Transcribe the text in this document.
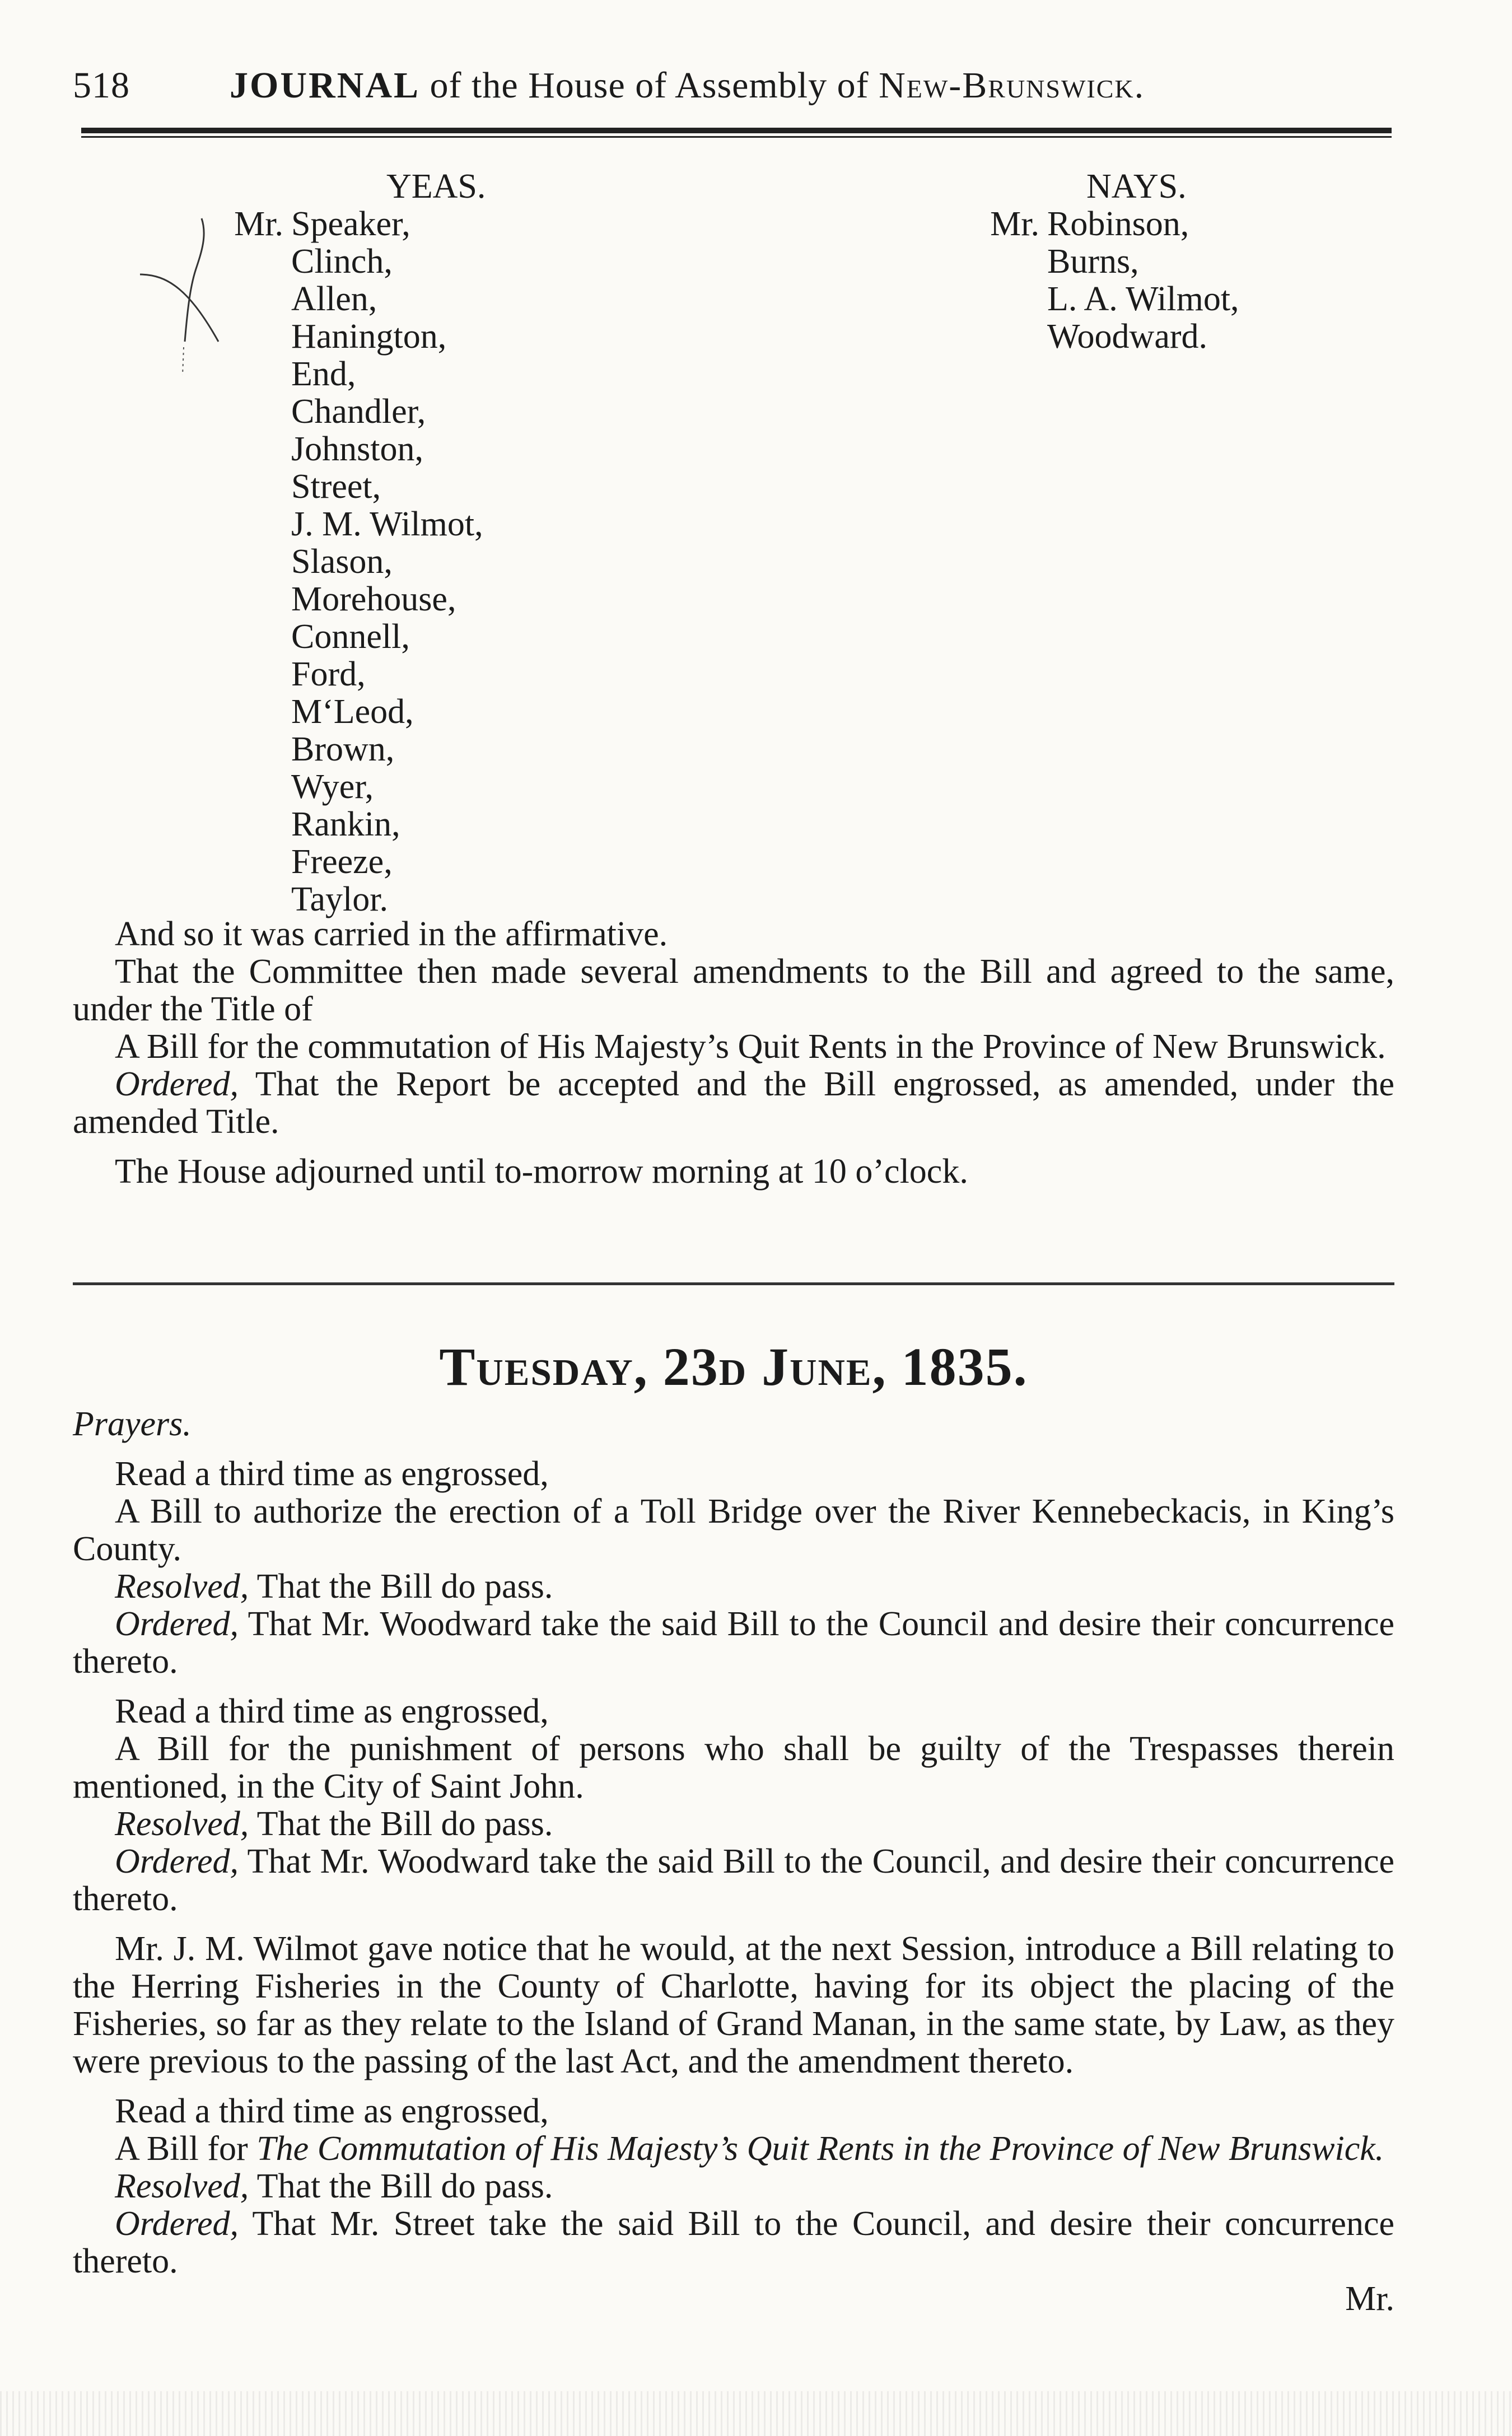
518	JOURNAL of the House of Assembly of New-Brunswick.
YEAS.
Mr. Speaker,
Clinch,
Allen,
Hanington,
End,
Chandler,
Johnston,
Street,
J. M. Wilmot,
Slason,
Morehouse,
Connell,
Ford,
M‘Leod,
Brown,
Wyer,
Rankin,
Freeze,
Taylor.
NAYS.
Mr. Robinson,
Burns,
L. A. Wilmot,
Woodward.

And so it was carried in the affirmative.

That the Committee then made several amendments to the Bill and agreed to the same, under the Title of

A Bill for the commutation of His Majesty’s Quit Rents in the Province of New Brunswick.

Ordered, That the Report be accepted and the Bill engrossed, as amended, under the amended Title.

The House adjourned until to-morrow morning at 10 o’clock.

Tuesday, 23d June, 1835.

Prayers.

Read a third time as engrossed,

A Bill to authorize the erection of a Toll Bridge over the River Kennebeckacis, in King’s County.

Resolved, That the Bill do pass.

Ordered, That Mr. Woodward take the said Bill to the Council and desire their concurrence thereto.

Read a third time as engrossed,

A Bill for the punishment of persons who shall be guilty of the Trespasses therein mentioned, in the City of Saint John.

Resolved, That the Bill do pass.

Ordered, That Mr. Woodward take the said Bill to the Council, and desire their concurrence thereto.

Mr. J. M. Wilmot gave notice that he would, at the next Session, introduce a Bill relating to the Herring Fisheries in the County of Charlotte, having for its object the placing of the Fisheries, so far as they relate to the Island of Grand Manan, in the same state, by Law, as they were previous to the passing of the last Act, and the amendment thereto.

Read a third time as engrossed,

A Bill for The Commutation of His Majesty’s Quit Rents in the Province of New Brunswick.

Resolved, That the Bill do pass.

Ordered, That Mr. Street take the said Bill to the Council, and desire their concurrence thereto.

Mr.
